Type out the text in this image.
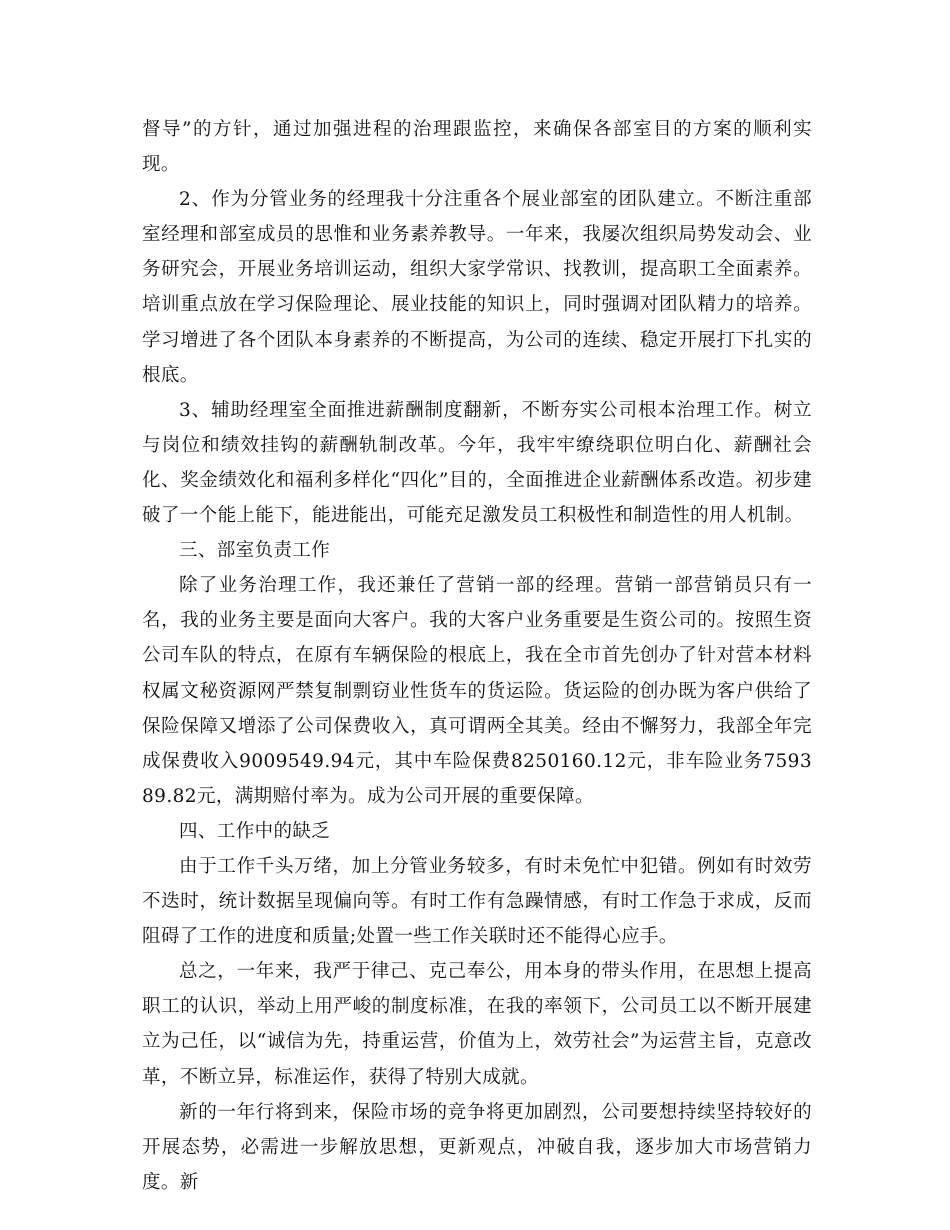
督导”的方针，通过加强进程的治理跟监控，来确保各部室目的方案的顺利实现。

2、作为分管业务的经理我十分注重各个展业部室的团队建立。不断注重部室经理和部室成员的思惟和业务素养教导。一年来，我屡次组织局势发动会、业务研究会，开展业务培训运动，组织大家学常识、找教训，提高职工全面素养。培训重点放在学习保险理论、展业技能的知识上，同时强调对团队精力的培养。学习增进了各个团队本身素养的不断提高，为公司的连续、稳定开展打下扎实的根底。

3、辅助经理室全面推进薪酬制度翻新，不断夯实公司根本治理工作。树立与岗位和绩效挂钩的薪酬轨制改革。今年，我牢牢缭绕职位明白化、薪酬社会化、奖金绩效化和福利多样化“四化”目的，全面推进企业薪酬体系改造。初步建破了一个能上能下，能进能出，可能充足激发员工积极性和制造性的用人机制。

三、部室负责工作

除了业务治理工作，我还兼任了营销一部的经理。营销一部营销员只有一名，我的业务主要是面向大客户。我的大客户业务重要是生资公司的。按照生资公司车队的特点，在原有车辆保险的根底上，我在全市首先创办了针对营本材料权属文秘资源网严禁复制剽窃业性货车的货运险。货运险的创办既为客户供给了保险保障又增添了公司保费收入，真可谓两全其美。经由不懈努力，我部全年完成保费收入9009549.94元，其中车险保费8250160.12元，非车险业务759389.82元，满期赔付率为。成为公司开展的重要保障。

四、工作中的缺乏

由于工作千头万绪，加上分管业务较多，有时未免忙中犯错。例如有时效劳不迭时，统计数据呈现偏向等。有时工作有急躁情感，有时工作急于求成，反而阻碍了工作的进度和质量;处置一些工作关联时还不能得心应手。

总之，一年来，我严于律己、克己奉公，用本身的带头作用，在思想上提高职工的认识，举动上用严峻的制度标准，在我的率领下，公司员工以不断开展建立为己任，以“诚信为先，持重运营，价值为上，效劳社会”为运营主旨，克意改革，不断立异，标准运作，获得了特别大成就。

新的一年行将到来，保险市场的竞争将更加剧烈，公司要想持续坚持较好的开展态势，必需进一步解放思想，更新观点，冲破自我，逐步加大市场营销力度。新
